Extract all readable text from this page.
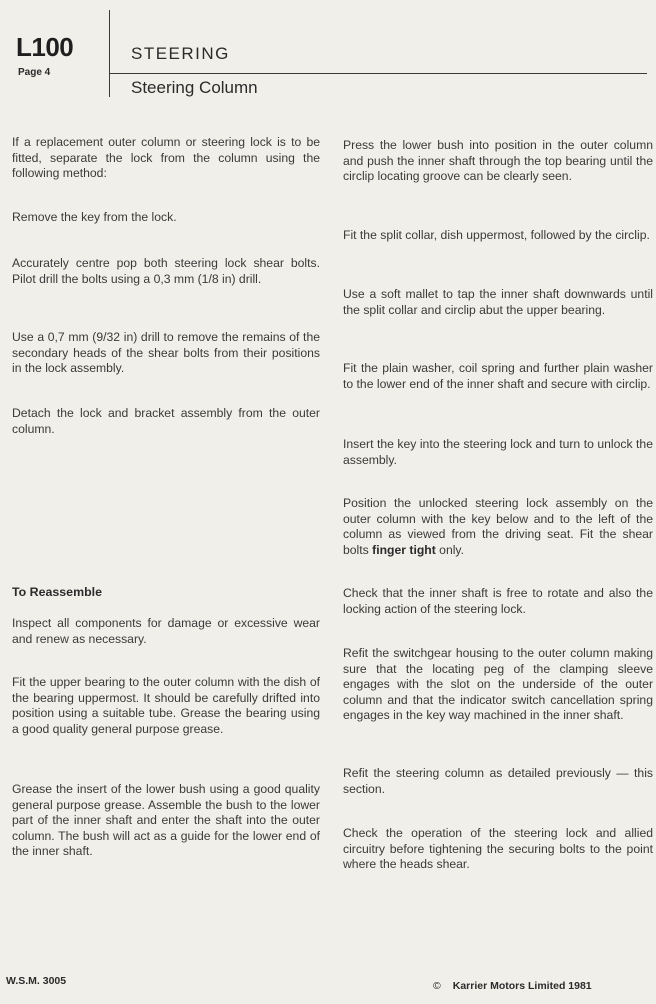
L100
Page 4
STEERING
Steering Column

If a replacement outer column or steering lock is to be fitted, separate the lock from the column using the following method:

Remove the key from the lock.

Accurately centre pop both steering lock shear bolts. Pilot drill the bolts using a 0,3 mm (1/8 in) drill.

Use a 0,7 mm (9/32 in) drill to remove the remains of the secondary heads of the shear bolts from their positions in the lock assembly.

Detach the lock and bracket assembly from the outer column.

To Reassemble

Inspect all components for damage or excessive wear and renew as necessary.

Fit the upper bearing to the outer column with the dish of the bearing uppermost. It should be carefully drifted into position using a suitable tube. Grease the bearing using a good quality general purpose grease.

Grease the insert of the lower bush using a good quality general purpose grease. Assemble the bush to the lower part of the inner shaft and enter the shaft into the outer column. The bush will act as a guide for the lower end of the inner shaft.

Press the lower bush into position in the outer column and push the inner shaft through the top bearing until the circlip locating groove can be clearly seen.

Fit the split collar, dish uppermost, followed by the circlip.

Use a soft mallet to tap the inner shaft downwards until the split collar and circlip abut the upper bearing.

Fit the plain washer, coil spring and further plain washer to the lower end of the inner shaft and secure with circlip.

Insert the key into the steering lock and turn to unlock the assembly.

Position the unlocked steering lock assembly on the outer column with the key below and to the left of the column as viewed from the driving seat. Fit the shear bolts finger tight only.

Check that the inner shaft is free to rotate and also the locking action of the steering lock.

Refit the switchgear housing to the outer column making sure that the locating peg of the clamping sleeve engages with the slot on the underside of the outer column and that the indicator switch cancellation spring engages in the key way machined in the inner shaft.

Refit the steering column as detailed previously — this section.

Check the operation of the steering lock and allied circuitry before tightening the securing bolts to the point where the heads shear.

W.S.M. 3005	© Karrier Motors Limited 1981
